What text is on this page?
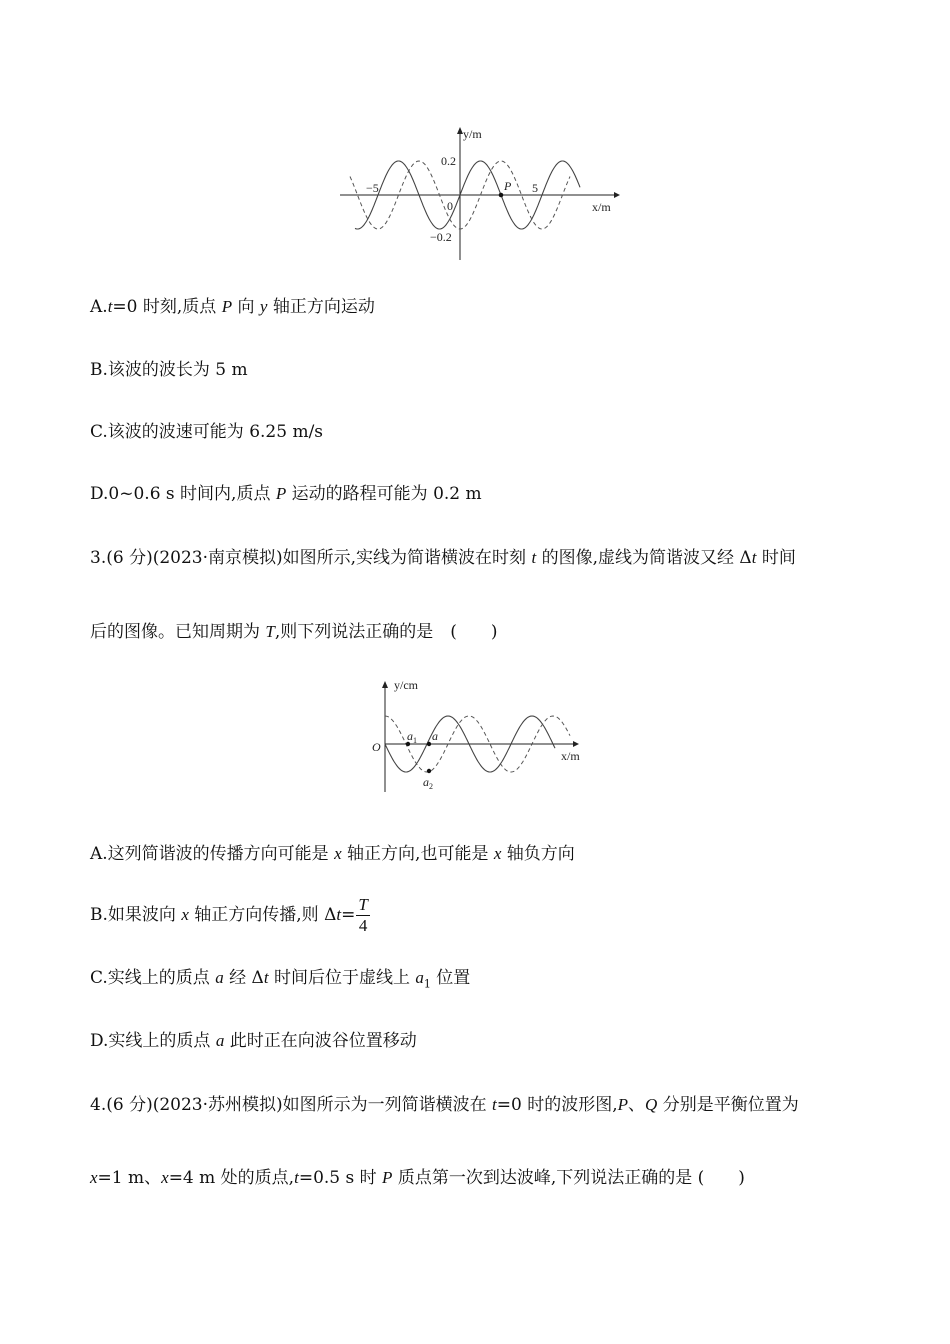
y/m
x/m
0.2
−0.2
0
−5	5
P
A.t=0 时刻,质点 P 向 y 轴正方向运动
B.该波的波长为 5 m
C.该波的波速可能为 6.25 m/s
D.0~0.6 s 时间内,质点 P 运动的路程可能为 0.2 m
3.(6 分)(2023·南京模拟)如图所示,实线为简谐横波在时刻 t 的图像,虚线为简谐波又经 Δt 时间
后的图像。已知周期为 T,则下列说法正确的是　(　　)
y/cm
x/m
O
$a_1$ a
$a_2$
A.这列简谐波的传播方向可能是 x 轴正方向,也可能是 x 轴负方向
B.如果波向 x 轴正方向传播,则 $\Delta t= \frac{T}{4}$
C.实线上的质点 a 经 Δt 时间后位于虚线上 $a_1$ 位置
D.实线上的质点 a 此时正在向波谷位置移动
4.(6 分)(2023·苏州模拟)如图所示为一列简谐横波在 t=0 时的波形图,P、Q 分别是平衡位置为
x=1 m、x=4 m 处的质点,t=0.5 s 时 P 质点第一次到达波峰,下列说法正确的是 (　　)
